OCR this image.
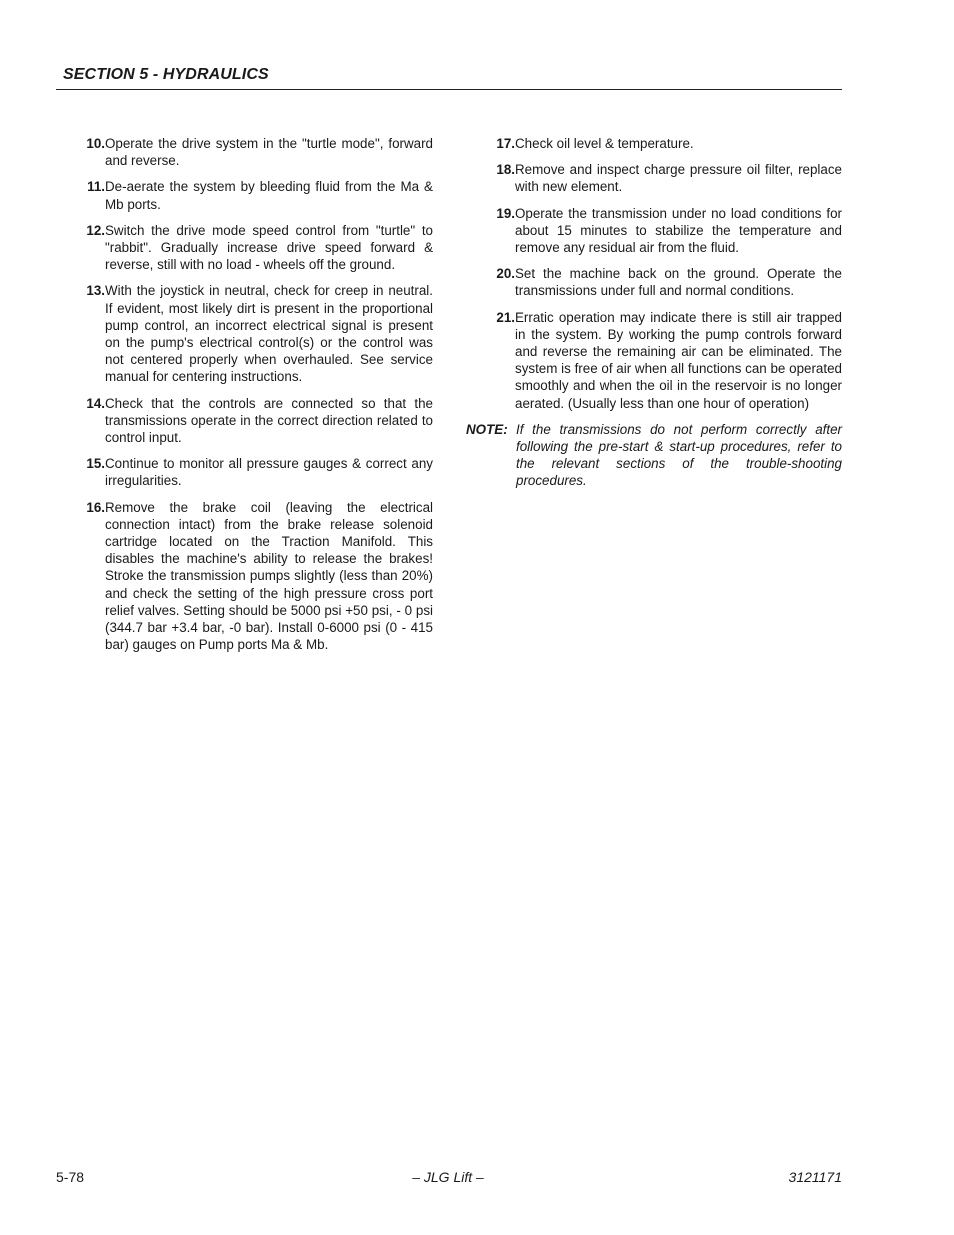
SECTION 5 - HYDRAULICS
10. Operate the drive system in the "turtle mode", forward and reverse.
11. De-aerate the system by bleeding fluid from the Ma & Mb ports.
12. Switch the drive mode speed control from "turtle" to "rabbit". Gradually increase drive speed forward & reverse, still with no load - wheels off the ground.
13. With the joystick in neutral, check for creep in neutral. If evident, most likely dirt is present in the proportional pump control, an incorrect electrical signal is present on the pump's electrical control(s) or the control was not centered properly when overhauled. See service manual for centering instructions.
14. Check that the controls are connected so that the transmissions operate in the correct direction related to control input.
15. Continue to monitor all pressure gauges & correct any irregularities.
16. Remove the brake coil (leaving the electrical connection intact) from the brake release solenoid cartridge located on the Traction Manifold. This disables the machine's ability to release the brakes! Stroke the transmission pumps slightly (less than 20%) and check the setting of the high pressure cross port relief valves. Setting should be 5000 psi +50 psi, - 0 psi (344.7 bar +3.4 bar, -0 bar). Install 0-6000 psi (0 - 415 bar) gauges on Pump ports Ma & Mb.
17. Check oil level & temperature.
18. Remove and inspect charge pressure oil filter, replace with new element.
19. Operate the transmission under no load conditions for about 15 minutes to stabilize the temperature and remove any residual air from the fluid.
20. Set the machine back on the ground. Operate the transmissions under full and normal conditions.
21. Erratic operation may indicate there is still air trapped in the system. By working the pump controls forward and reverse the remaining air can be eliminated. The system is free of air when all functions can be operated smoothly and when the oil in the reservoir is no longer aerated. (Usually less than one hour of operation)
NOTE: If the transmissions do not perform correctly after following the pre-start & start-up procedures, refer to the relevant sections of the trouble-shooting procedures.
5-78	– JLG Lift –	3121171
